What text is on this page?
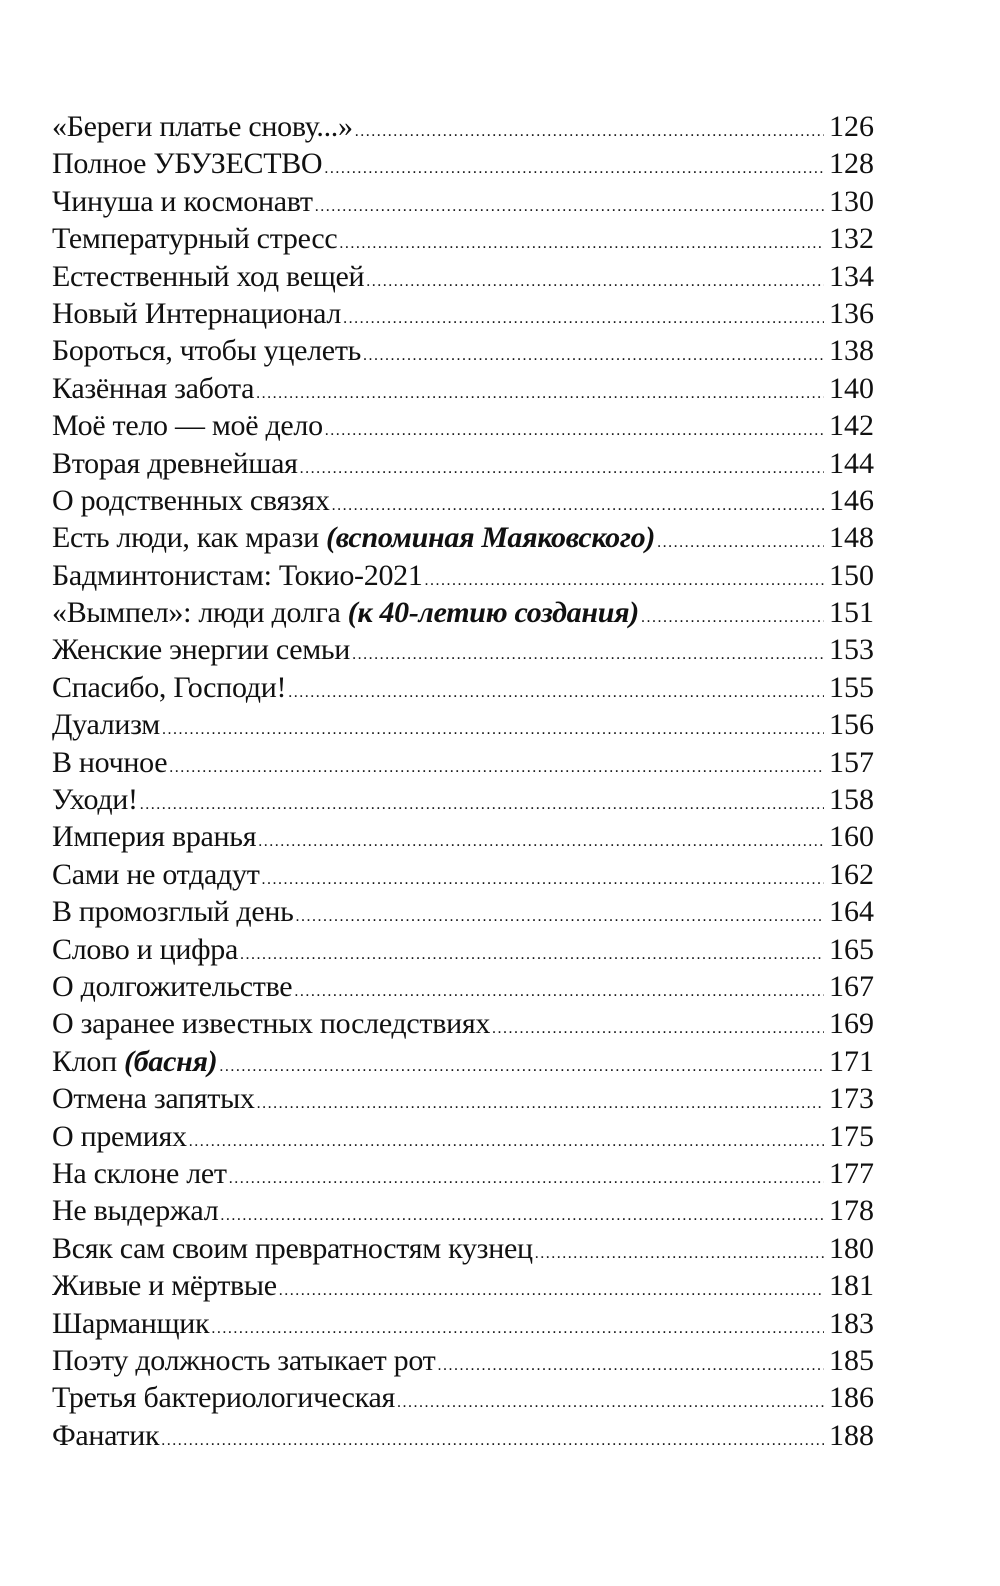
«Береги платье снову...» .....	126
Полное УБУЗЕСТВО .....	128
Чинуша и космонавт .....	130
Температурный стресс .....	132
Естественный ход вещей .....	134
Новый Интернационал .....	136
Бороться, чтобы уцелеть .....	138
Казённая забота .....	140
Моё тело — моё дело .....	142
Вторая древнейшая .....	144
О родственных связях .....	146
Есть люди, как мрази (вспоминая Маяковского) .....	148
Бадминтонистам: Токио-2021 .....	150
«Вымпел»: люди долга (к 40-летию создания) .....	151
Женские энергии семьи .....	153
Спасибо, Господи! .....	155
Дуализм .....	156
В ночное .....	157
Уходи! .....	158
Империя вранья .....	160
Сами не отдадут .....	162
В промозглый день .....	164
Слово и цифра .....	165
О долгожительстве .....	167
О заранее известных последствиях .....	169
Клоп (басня) .....	171
Отмена запятых .....	173
О премиях .....	175
На склоне лет .....	177
Не выдержал .....	178
Всяк сам своим превратностям кузнец .....	180
Живые и мёртвые .....	181
Шарманщик .....	183
Поэту должность затыкает рот .....	185
Третья бактериологическая .....	186
Фанатик .....	188
